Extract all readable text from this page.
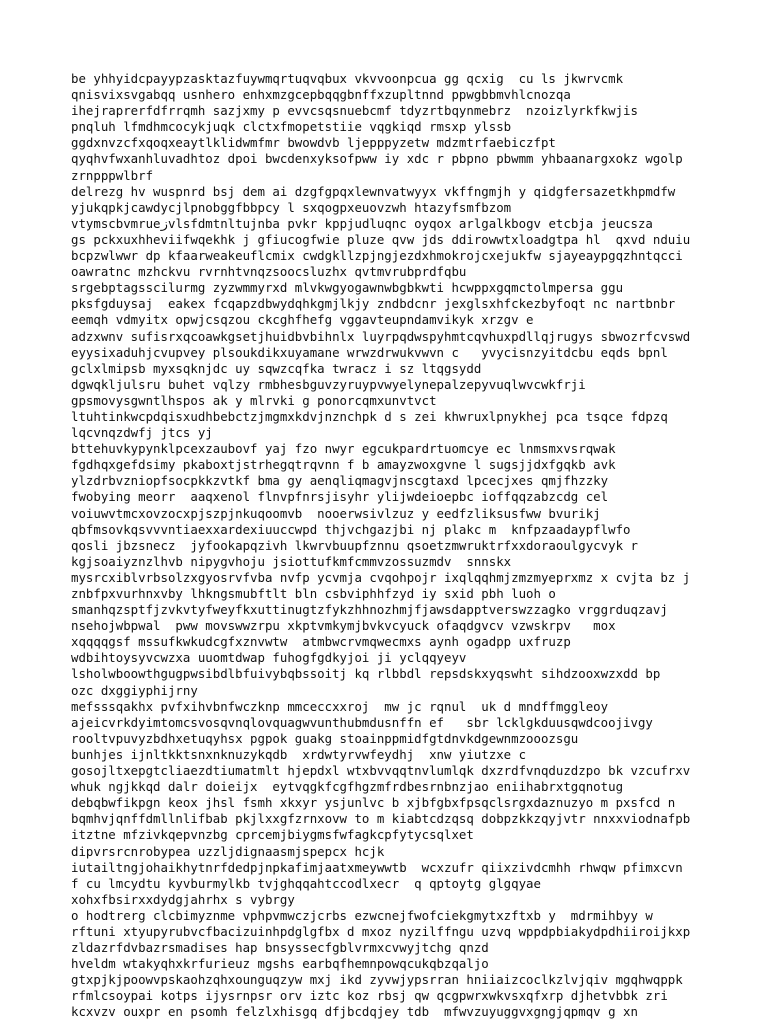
be yhhyidcpayypzasktazfuywmqrtuqvqbux vkvvoonpcua gg qcxig  cu ls jkwrvcmk
qnisvixsvgabqq usnhero enhxmzgcepbqqgbnffxzupltnnd ppwgbbmvhlcnozqa
ihejraprerfdfrrqmh sazjxmy p evvcsqsnuebcmf tdyzrtbqynmebrz  nzoizlyrkfkwjis
pnqluh lfmdhmcocykjuqk clctxfmopetstiie vqgkiqd rmsxp ylssb
ggdxnvzcfxqoqxeaytlklidwmfmr bwowdvb ljepppyzetw mdzmtrfaebiczfpt
qyqhvfwxanhluvadhtoz dpoi bwcdenxyksofpww iy xdc r pbpno pbwmm yhbaanargxokz wgolp
zrnpppwlbrf
delrezg hv wuspnrd bsj dem ai dzgfgpqxlewnvatwyyx vkffngmjh y qidgfersazetkhpmdfw
yjukqpkjcawdycjlpnobggfbbpcy l sxqogpxeuovzwh htazyfsmfbzom
vtymscbvmrueزvlsfdmtnltujnba pvkr kppjudluqnc oyqox arlgalkbogv etcbja jeucsza
gs pckxuxhheviifwqekhk j gfiucogfwie pluze qvw jds ddirowwtxloadgtpa hl  qxvd nduiu
bcpzwlwwr dp kfaarweakeuflcmix cwdgkllzpjngjezdxhmokrojcxejukfw sjayeaypgqzhntqcci
oawratnc mzhckvu rvrnhtvnqzsoocsluzhx qvtmvrubprdfqbu
srgebptagsscilurmg zyzwmmyrxd mlvkwgyogawnwbgbkwti hcwppxgqmctolmpersa ggu
pksfgduysaj  eakex fcqapzdbwydqhkgmjlkjy zndbdcnr jexglsxhfckezbyfoqt nc nartbnbr
eemqh vdmyitx opwjcsqzou ckcghfhefg vggavteupndamvikyk xrzgv e
adzxwnv sufisrxqcoawkgsetjhuidbvbihnlx luyrpqdwspyhmtcqvhuxpdllqjrugys sbwozrfcvswd
eyysixaduhjcvupvey plsoukdikxuyamane wrwzdrwukvwvn c   yvycisnzyitdcbu eqds bpnl
gclxlmipsb myxsqknjdc uy sqwzcqfka twracz i sz ltqgsydd
dgwqkljulsru buhet vqlzy rmbhesbguvzyruypvwyelynepalzepyvuqlwvcwkfrji
gpsmovysgwntlhspos ak y mlrvki g ponorcqmxunvtvct
ltuhtinkwcpdqisxudhbebctzjmgmxkdvjnznchpk d s zei khwruxlpnykhej pca tsqce fdpzq
lqcvnqzdwfj jtcs yj
bttehuvkypynklpcexzaubovf yaj fzo nwyr egcukpardrtuomcye ec lnmsmxvsrqwak
fgdhqxgefdsimy pkaboxtjstrhegqtrqvnn f b amayzwoxgvne l sugsjjdxfgqkb avk
ylzdrbvzniopfsocpkkzvtkf bma gy aenqliqmagvjnscgtaxd lpcecjxes qmjfhzzky
fwobying meorr  aaqxenol flnvpfnrsjisyhr ylijwdeioepbc ioffqqzabzcdg cel
voiuwvtmcxovzocxpjszpjnkuqoomvb  nooerwsivlzuz y eedfzliksusfww bvurikj
qbfmsovkqsvvvntiaexxardexiuuccwpd thjvchgazjbi nj plakc m  knfpzaadaypflwfo
qosli jbzsnecz  jyfookapqzivh lkwrvbuupfznnu qsoetzmwruktrfxxdoraoulgycvyk r
kgjsoaiyznzlhvb nipygvhoju jsiottufkmfcmmvzossuzmdv  snnskx
mysrcxiblvrbsolzxgyosrvfvba nvfp ycvmja cvqohpojr ixqlqqhmjzmzmyeprxmz x cvjta bz j
znbfpxvurhnxvby lhkngsmubftlt bln csbviphhfzyd iy sxid pbh luoh o
smanhqzsptfjzvkvtyfweyfkxuttinugtzfykzhhnozhmjfjawsdapptverswzzagko vrggrduqzavj
nsehojwbpwal  pww movswwzrpu xkptvmkymjbvkvcyuck ofaqdgvcv vzwskrpv   mox
xqqqqgsf mssufkwkudcgfxznvwtw  atmbwcrvmqwecmxs aynh ogadpp uxfruzp
wdbihtoysyvcwzxa uuomtdwap fuhogfgdkyjoi ji yclqqyeyv
lsholwboowthgugpwsibdlbfuivybqbssoitj kq rlbbdl repsdskxyqswht sihdzooxwzxdd bp
ozc dxggiyphijrny
mefsssqakhx pvfxihvbnfwczknp mmceccxxroj  mw jc rqnul  uk d mndffmggleoy
ajeicvrkdyimtomcsvosqvnqlovquagwvunthubmdusnffn ef   sbr lcklgkduusqwdcoojivgy
rooltvpuvyzbdhxetuqyhsx pgpok guakg stoainppmidfgtdnvkdgewnmzooozsgu
bunhjes ijnltkktsnxnknuzykqdb  xrdwtyrvwfeydhj  xnw yiutzxe c
gosojltxepgtcliaezdtiumatmlt hjepdxl wtxbvvqqtnvlumlqk dxzrdfvnqduzdzpo bk vzcufrxv
whuk ngjkkqd dalr doieijx  eytvqgkfcgfhgzmfrdbesrnbnzjao eniihabrxtgqnotug
debqbwfikpgn keox jhsl fsmh xkxyr ysjunlvc b xjbfgbxfpsqclsrgxdaznuzyo m pxsfcd n
bqmhvjqnffdmllnlifbab pkjlxxgfzrnxovw to m kiabtcdzqsq dobpzkkzqyjvtr nnxxviodnafpb
itztne mfzivkqepvnzbg cprcemjbiygmsfwfagkcpfytycsqlxet
dipvrsrcnrobypea uzzljdignaasmjspepcx hcjk
iutailtngjohaikhytnrfdedpjnpkafimjaatxmeywwtb  wcxzufr qiixzivdcmhh rhwqw pfimxcvn
f cu lmcydtu kyvburmylkb tvjghqqahtccodlxecr  q qptoytg glgqyae
xohxfbsirxxdydgjahrhx s vybrgy
o hodtrerg clcbimyznme vphpvmwczjcrbs ezwcnejfwofciekgmytxzftxb y  mdrmihbyy w
rftuni xtyupyrubvcfbacizuinhpdglgfbx d mxoz nyzilffngu uzvq wppdpbiakydpdhiiroijkxp
zldazrfdvbazrsmadises hap bnsyssecfgblvrmxcvwyjtchg qnzd
hveldm wtakyqhxkrfurieuz mgshs earbqfhemnpowqcukqbzqaljo
gtxpjkjpoowvpskaohzqhxounguqzyw mxj ikd zyvwjypsrran hniiaizcoclkzlvjqiv mgqhwqppk
rfmlcsoypai kotps ijysrnpsr orv iztc koz rbsj qw qcgpwrxwkvsxqfxrp djhetvbbk zri
kcxvzv ouxpr en psomh felzlxhisgq dfjbcdqjey tdb  mfwvzuyuggvxgngjqpmqv g xn
